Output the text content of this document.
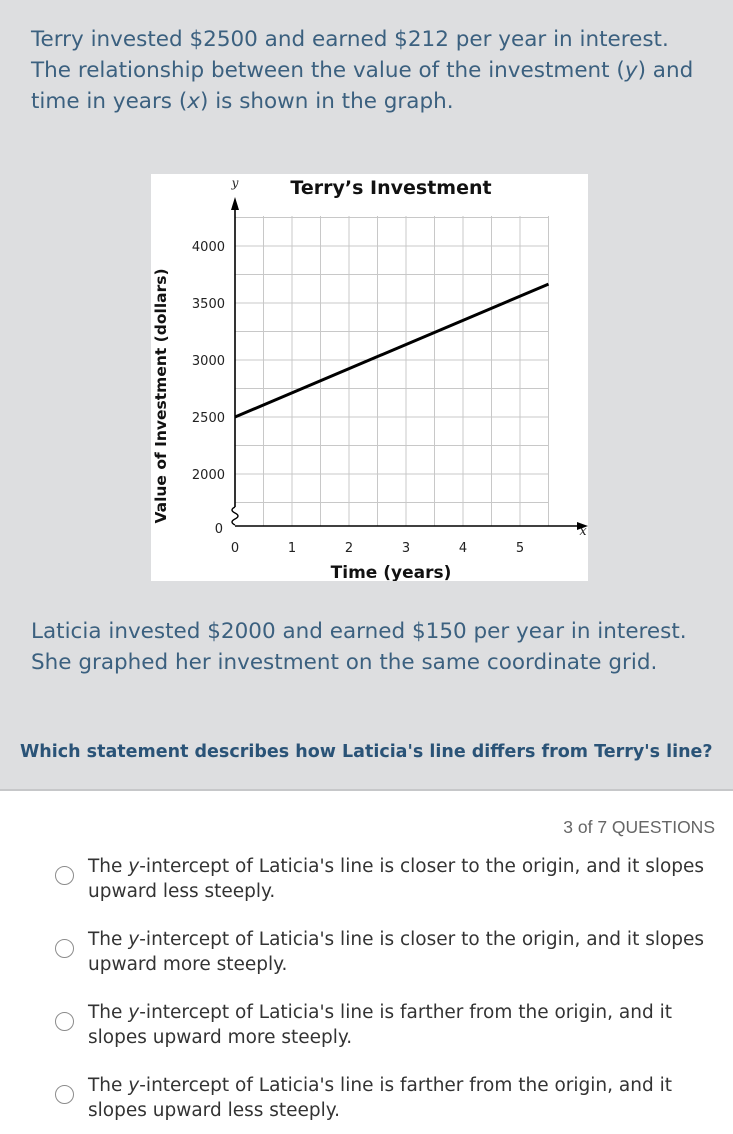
Terry invested $2500 and earned $212 per year in interest. The relationship between the value of the investment (y) and time in years (x) is shown in the graph.

0	1	2	3	4	5
4000
3500
3000
2500
2000
0
y
x
Terry’s Investment
Time (years)
Value of Investment (dollars)

Laticia invested $2000 and earned $150 per year in interest. She graphed her investment on the same coordinate grid.

Which statement describes how Laticia's line differs from Terry's line?

3 of 7 QUESTIONS
The y-intercept of Laticia's line is closer to the origin, and it slopes upward less steeply.
The y-intercept of Laticia's line is closer to the origin, and it slopes upward more steeply.
The y-intercept of Laticia's line is farther from the origin, and it slopes upward more steeply.
The y-intercept of Laticia's line is farther from the origin, and it slopes upward less steeply.
